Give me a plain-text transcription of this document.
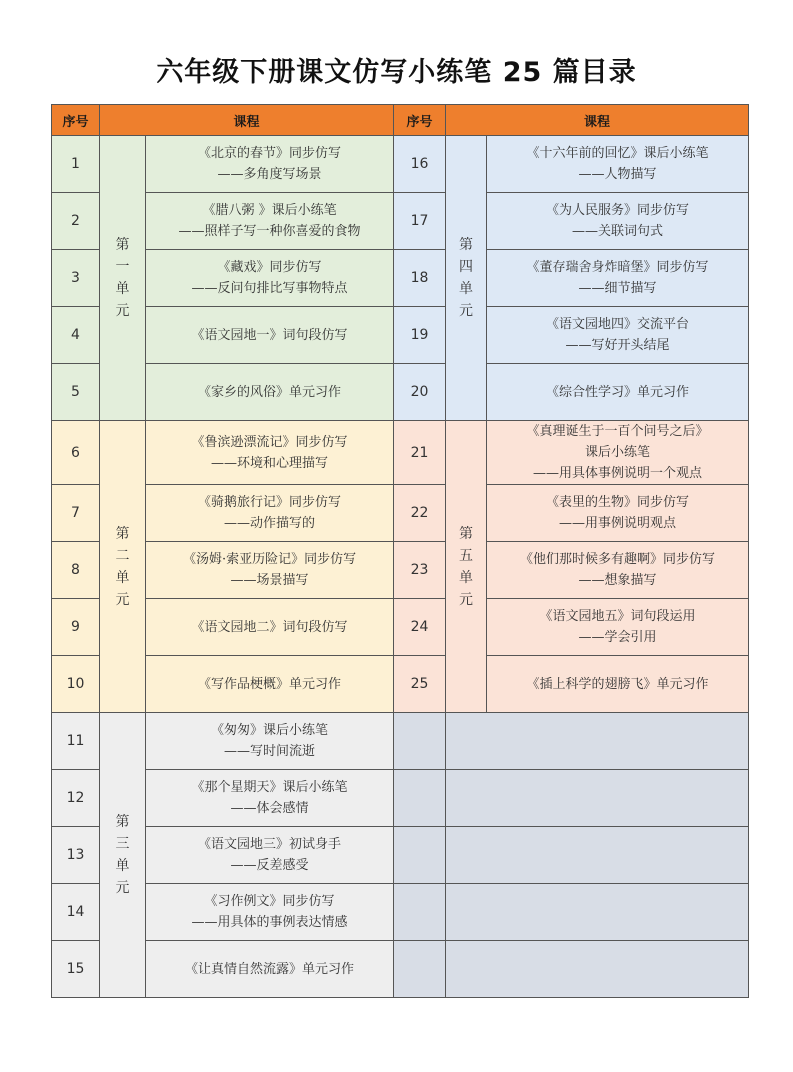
六年级下册课文仿写小练笔 25 篇目录
序号	课程		序号	课程	
1	第
一
单
元	《北京的春节》同步仿写
——多角度写场景	16	第
四
单
元	《十六年前的回忆》课后小练笔
——人物描写

2		《腊八粥 》课后小练笔
——照样子写一种你喜爱的食物	17		《为人民服务》同步仿写
——关联词句式

3		《藏戏》同步仿写
——反问句排比写事物特点	18		《董存瑞舍身炸暗堡》同步仿写
——细节描写

4		《语文园地一》词句段仿写	19		《语文园地四》交流平台
——写好开头结尾

5		《家乡的风俗》单元习作	20		《综合性学习》单元习作

6	第
二
单
元	《鲁滨逊漂流记》同步仿写
——环境和心理描写	21	第
五
单
元	《真理诞生于一百个问号之后》
课后小练笔
——用具体事例说明一个观点

7		《骑鹅旅行记》同步仿写
——动作描写的	22		《表里的生物》同步仿写
——用事例说明观点

8		《汤姆·索亚历险记》同步仿写
——场景描写	23		《他们那时候多有趣啊》同步仿写
——想象描写

9		《语文园地二》词句段仿写	24		《语文园地五》词句段运用
——学会引用

10		《写作品梗概》单元习作	25		《插上科学的翅膀飞》单元习作

11	第
三
单
元	《匆匆》课后小练笔
——写时间流逝			

12		《那个星期天》课后小练笔
——体会感情			

13		《语文园地三》初试身手
——反差感受			

14		《习作例文》同步仿写
——用具体的事例表达情感			

15		《让真情自然流露》单元习作			
